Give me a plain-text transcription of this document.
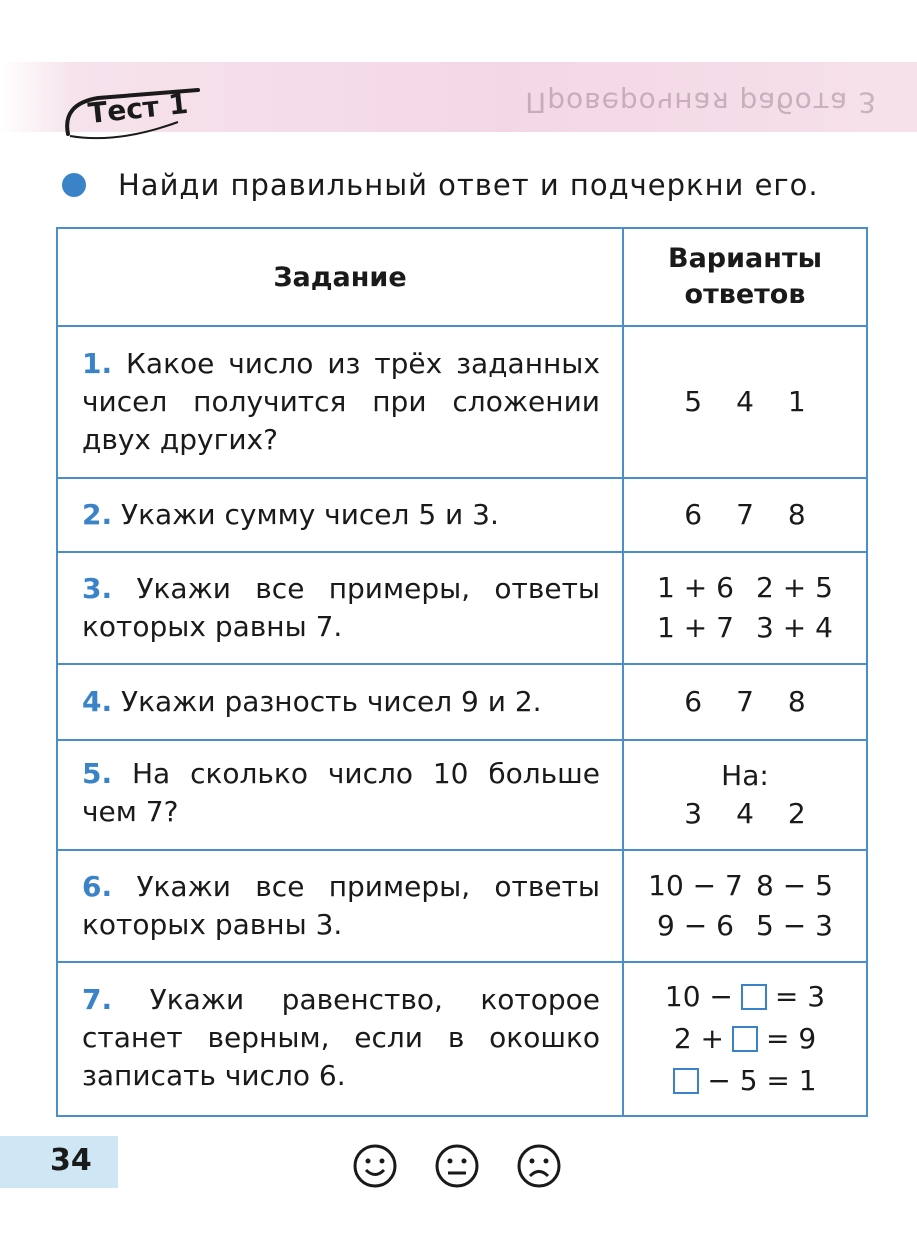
Проверочная работа 3
Тест 1
Найди правильный ответ и подчеркни его.
Задание	Варианты
ответов

1. Какое число из трёх заданных чисел получится при сложении двух других?	5 4 1

2. Укажи сумму чисел 5 и 3.	6 7 8

3. Укажи все примеры, ответы которых равны 7.	1 + 6 2 + 5
1 + 7 3 + 4

4. Укажи разность чисел 9 и 2.	6 7 8

5. На сколько число 10 больше чем 7?	На:
3 4 2

6. Укажи все примеры, ответы которых равны 3.	10 − 7 8 − 5
9 − 6 5 − 3

7. Укажи равенство, которое станет верным, если в окошко записать число 6.	10 − = 3
2 + = 9
− 5 = 1
34
